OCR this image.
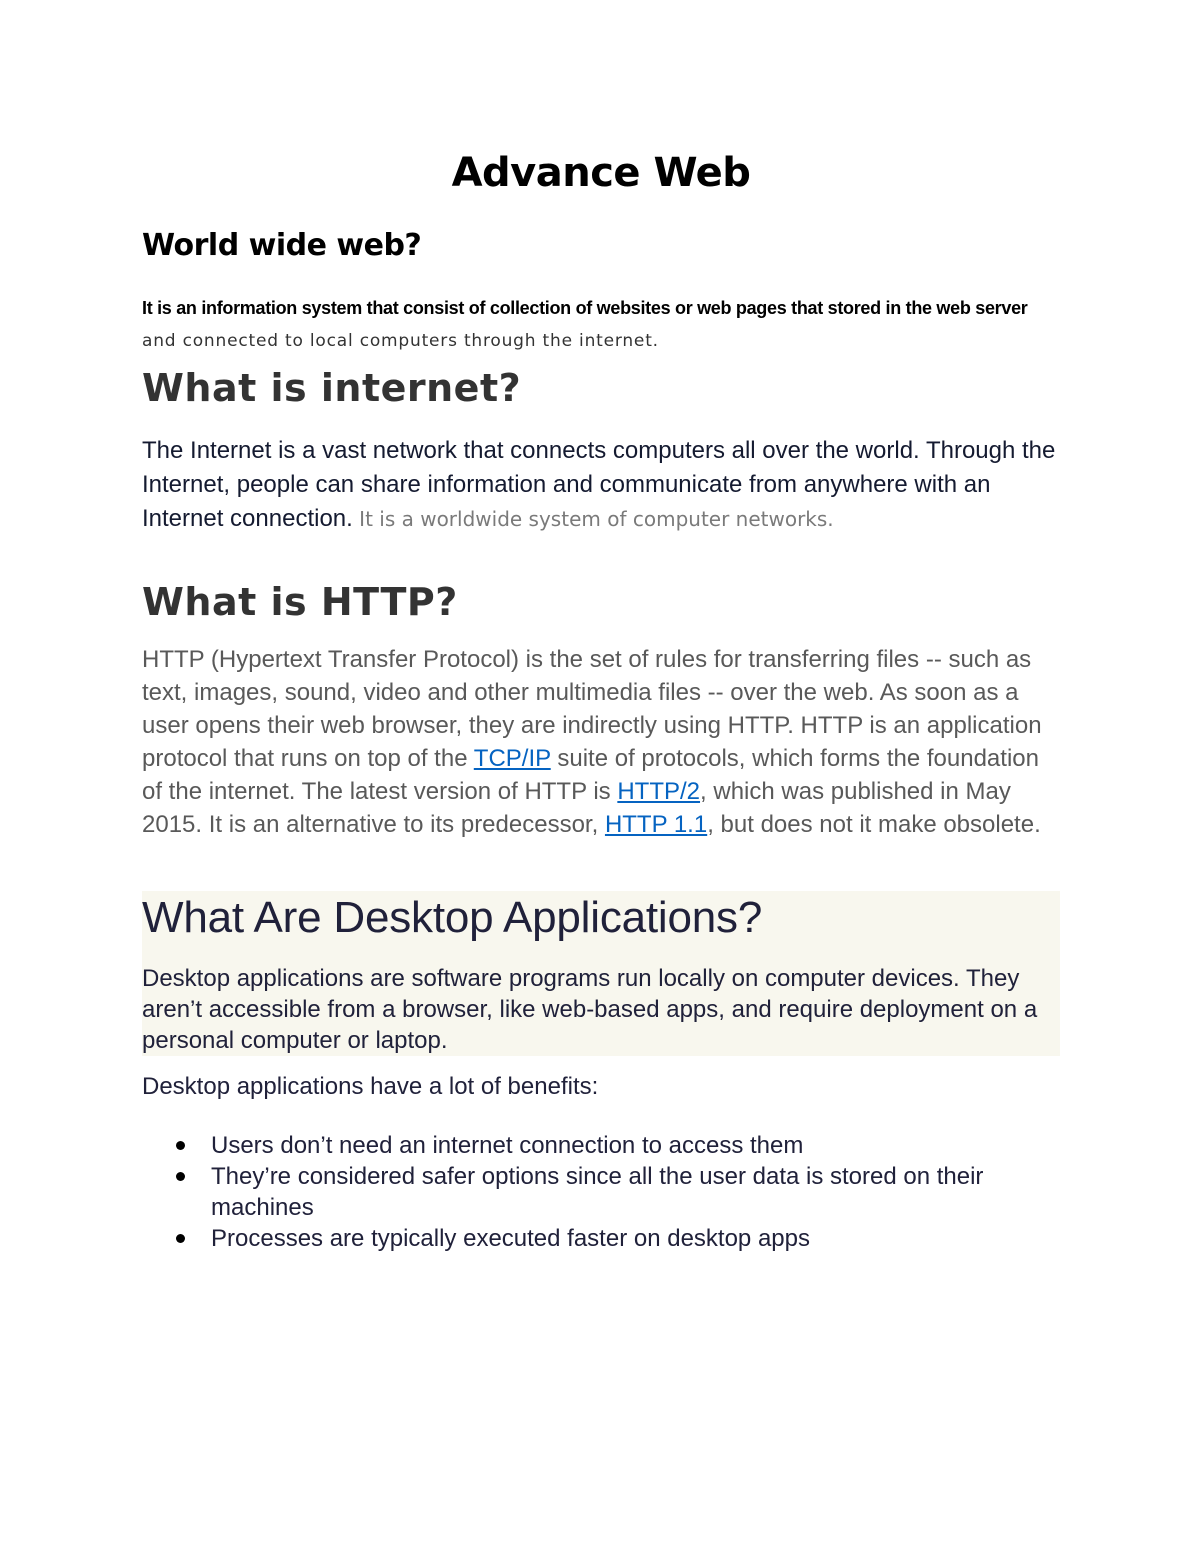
Advance Web
World wide web?

It is an information system that consist of collection of websites or web pages that stored in the web server and connected to local computers through the internet.

What is internet?

The Internet is a vast network that connects computers all over the world. Through the Internet, people can share information and communicate from anywhere with an Internet connection. It is a worldwide system of computer networks.

What is HTTP?

HTTP (Hypertext Transfer Protocol) is the set of rules for transferring files -- such as text, images, sound, video and other multimedia files -- over the web. As soon as a user opens their web browser, they are indirectly using HTTP. HTTP is an application protocol that runs on top of the TCP/IP suite of protocols, which forms the foundation of the internet. The latest version of HTTP is HTTP/2, which was published in May 2015. It is an alternative to its predecessor, HTTP 1.1, but does not it make obsolete.

What Are Desktop Applications?

Desktop applications are software programs run locally on computer devices. They aren’t accessible from a browser, like web-based apps, and require deployment on a personal computer or laptop.

Desktop applications have a lot of benefits:

Users don’t need an internet connection to access them
They’re considered safer options since all the user data is stored on their machines
Processes are typically executed faster on desktop apps
